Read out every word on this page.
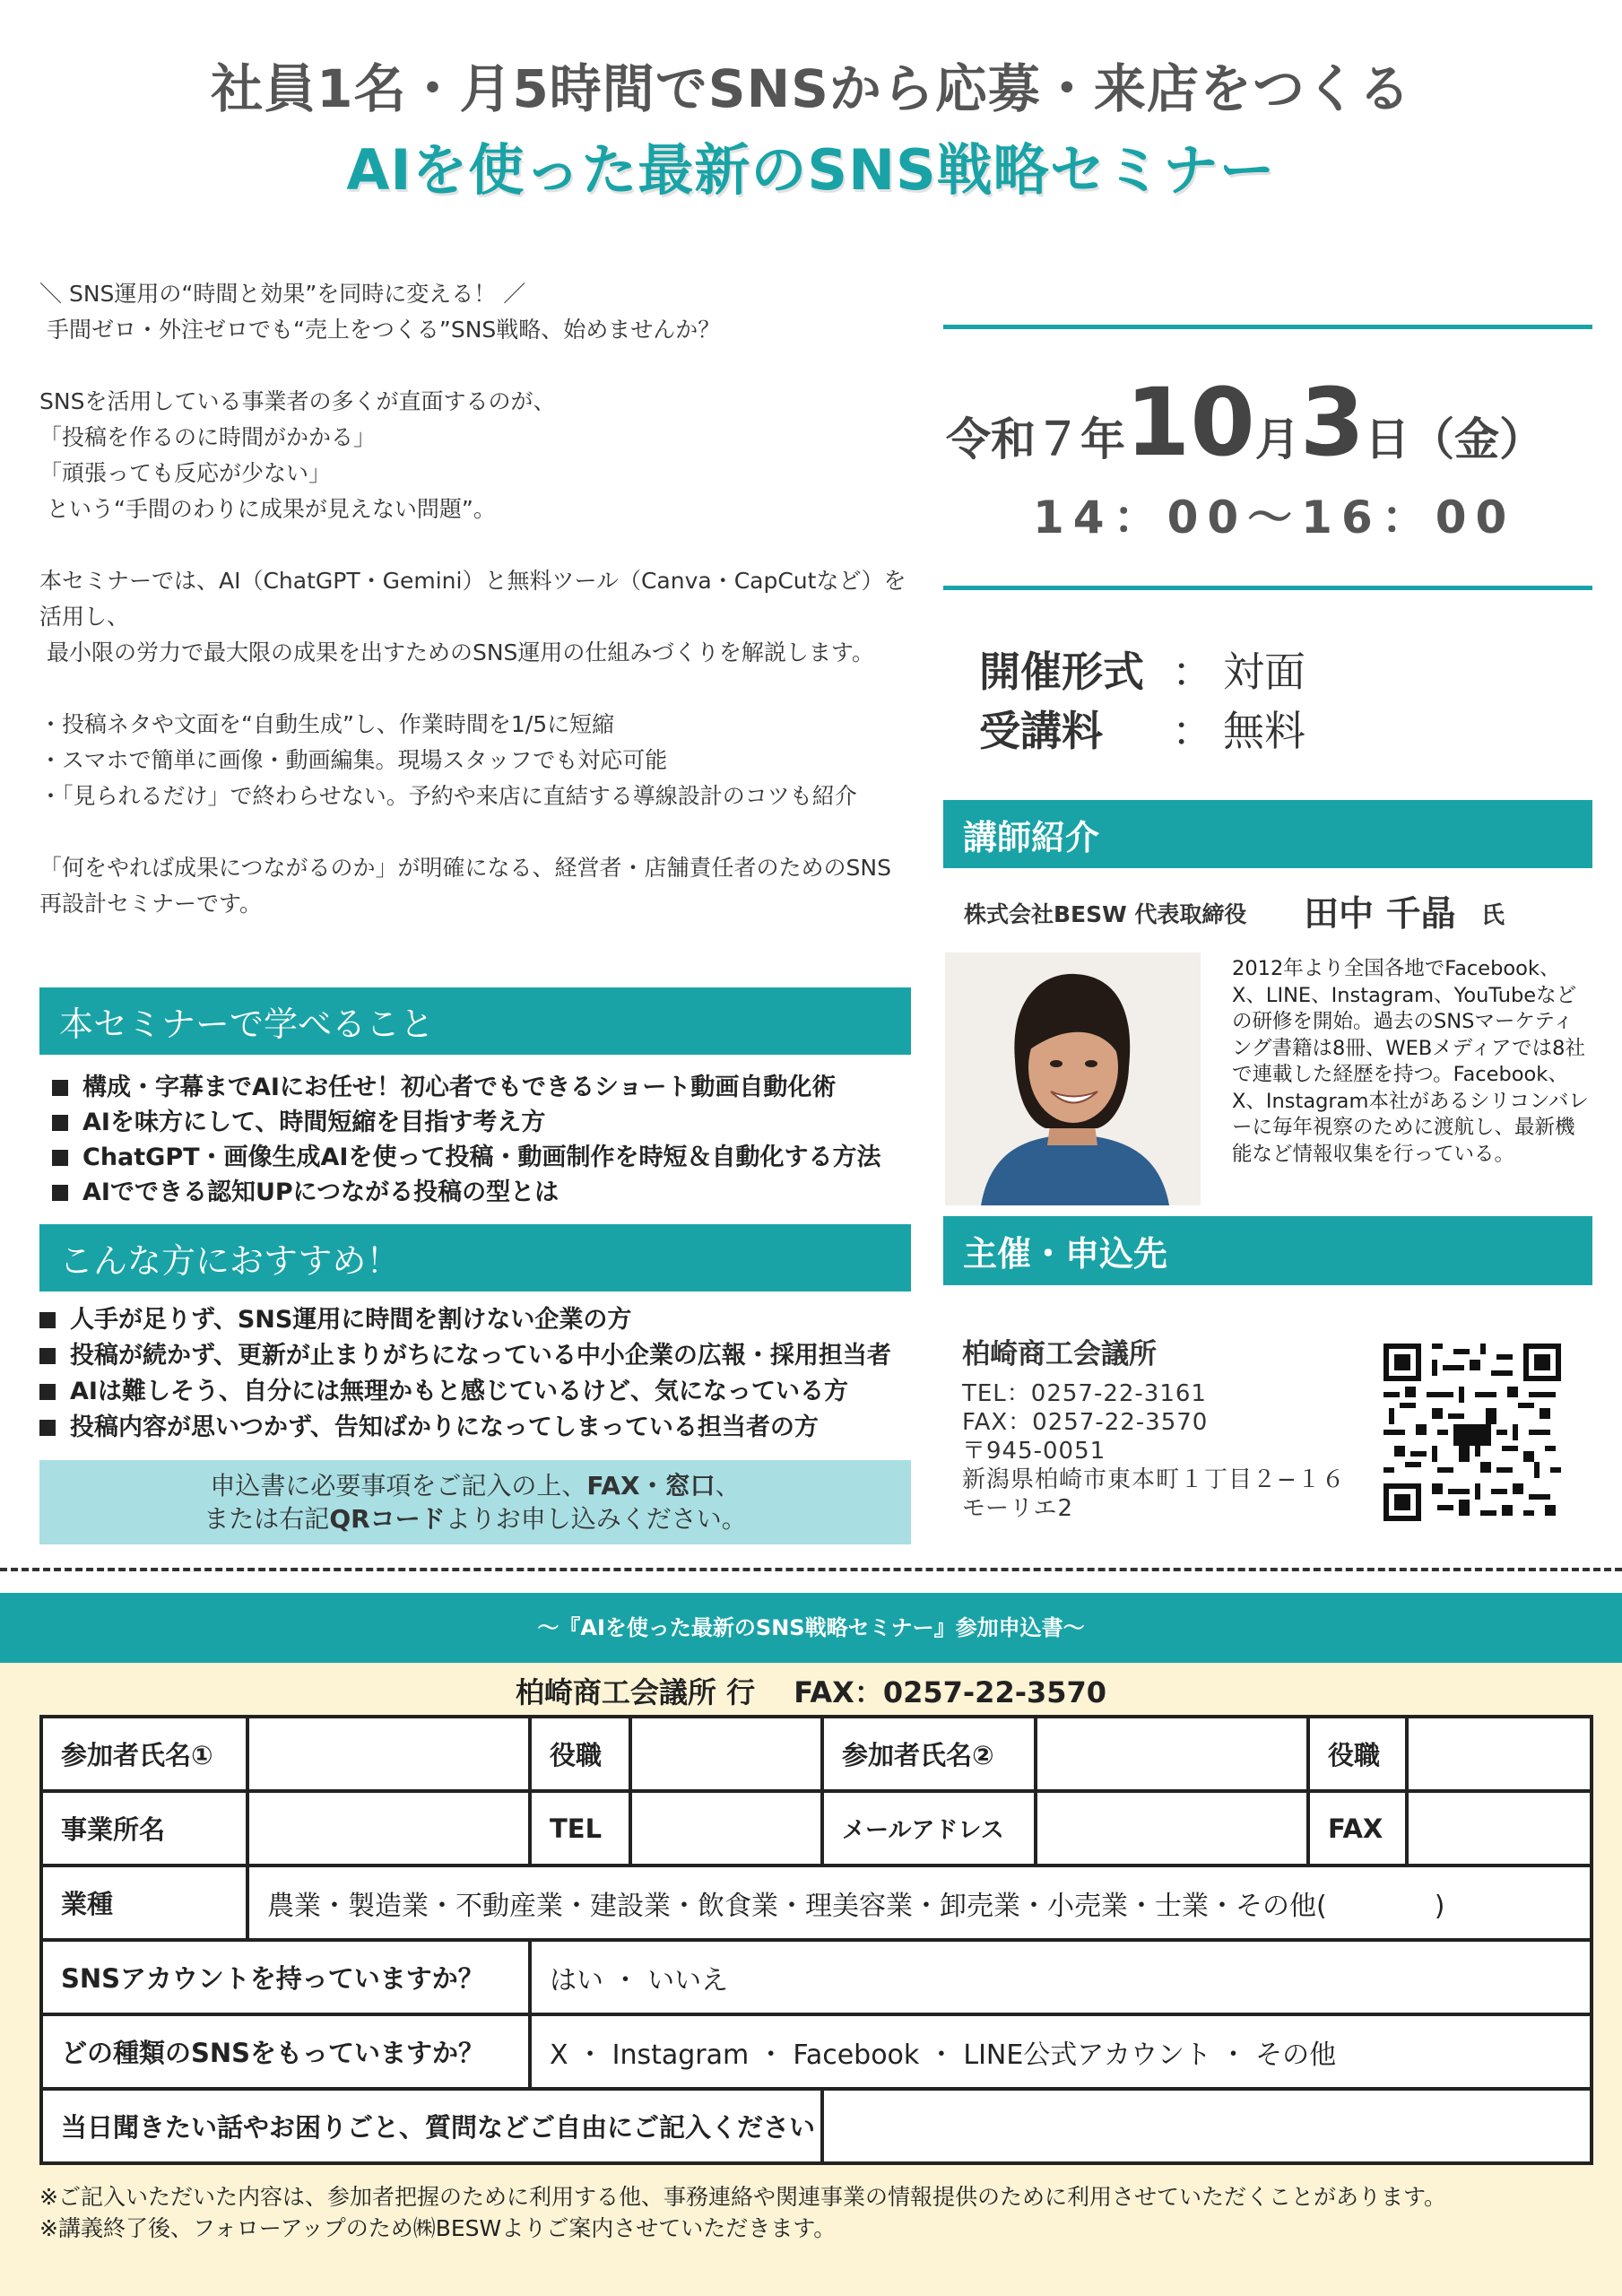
社員1名・月5時間でSNSから応募・来店をつくる
AIを使った最新のSNS戦略セミナー

＼ SNS運用の“時間と効果”を同時に変える！ ／
手間ゼロ・外注ゼロでも“売上をつくる”SNS戦略、始めませんか？

SNSを活用している事業者の多くが直面するのが、
「投稿を作るのに時間がかかる」
「頑張っても反応が少ない」
という“手間のわりに成果が見えない問題”。

本セミナーでは、AI（ChatGPT・Gemini）と無料ツール（Canva・CapCutなど）を活用し、
最小限の労力で最大限の成果を出すためのSNS運用の仕組みづくりを解説します。

・投稿ネタや文面を“自動生成”し、作業時間を1/5に短縮
・スマホで簡単に画像・動画編集。現場スタッフでも対応可能
・「見られるだけ」で終わらせない。予約や来店に直結する導線設計のコツも紹介

「何をやれば成果につながるのか」が明確になる、経営者・店舗責任者のためのSNS再設計セミナーです。

令和７年10月3日（金）
14：00〜16：00
開催形式 ： 対面
受講料 ： 無料
本セミナーで学べること
構成・字幕までAIにお任せ！初心者でもできるショート動画自動化術
AIを味方にして、時間短縮を目指す考え方
ChatGPT・画像生成AIを使って投稿・動画制作を時短＆自動化する方法
AIでできる認知UPにつながる投稿の型とは
こんな方におすすめ！
人手が足りず、SNS運用に時間を割けない企業の方
投稿が続かず、更新が止まりがちになっている中小企業の広報・採用担当者
AIは難しそう、自分には無理かもと感じているけど、気になっている方
投稿内容が思いつかず、告知ばかりになってしまっている担当者の方
申込書に必要事項をご記入の上、FAX・窓口、
または右記QRコードよりお申し込みください。
講師紹介
株式会社BESW 代表取締役 田中 千晶 氏
2012年より全国各地でFacebook、X、LINE、Instagram、YouTubeなどの研修を開始。過去のSNSマーケティング書籍は8冊、WEBメディアでは8社で連載した経歴を持つ。Facebook、X、Instagram本社があるシリコンバレーに毎年視察のために渡航し、最新機能など情報収集を行っている。
主催・申込先
柏崎商工会議所
TEL：0257-22-3161
FAX：0257-22-3570
〒945-0051
新潟県柏崎市東本町１丁目２−１６
モーリエ2
〜『AIを使った最新のSNS戦略セミナー』参加申込書〜
柏崎商工会議所 行　 FAX：0257-22-3570
参加者氏名①		役職		参加者氏名②		役職	
事業所名		TEL		メールアドレス		FAX	
業種	農業・製造業・不動産業・建設業・飲食業・理美容業・卸売業・小売業・士業・その他(　　　　)						
SNSアカウントを持っていますか？		はい ・ いいえ					
どの種類のSNSをもっていますか？		X ・ Instagram ・ Facebook ・ LINE公式アカウント ・ その他					
当日聞きたい話やお困りごと、質問などご自由にご記入ください							
※ご記入いただいた内容は、参加者把握のために利用する他、事務連絡や関連事業の情報提供のために利用させていただくことがあります。
※講義終了後、フォローアップのため㈱BESWよりご案内させていただきます。
